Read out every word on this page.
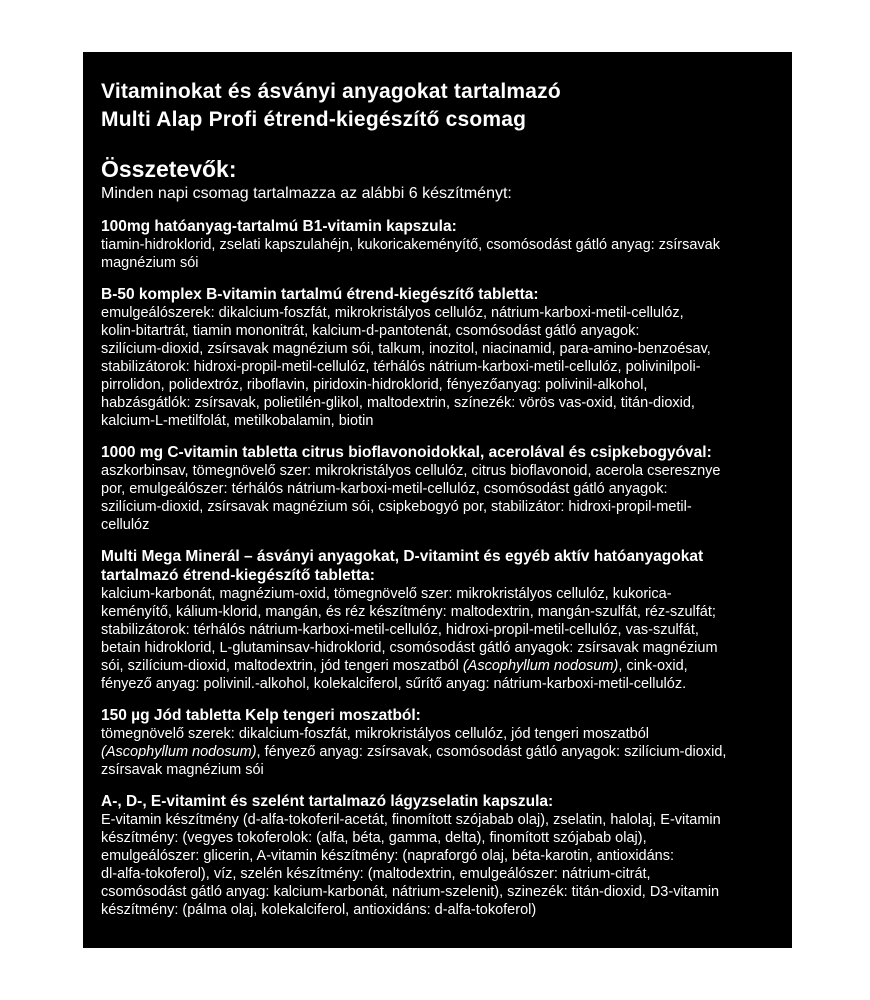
Vitaminokat és ásványi anyagokat tartalmazó
Multi Alap Profi étrend-kiegészítő csomag
Összetevők:
Minden napi csomag tartalmazza az alábbi 6 készítményt:
100mg hatóanyag-tartalmú B1-vitamin kapszula:
tiamin-hidroklorid, zselati kapszulahéjn, kukoricakeményítő, csomósodást gátló anyag: zsírsavak
magnézium sói
B-50 komplex B-vitamin tartalmú étrend-kiegészítő tabletta:
emulgeálószerek: dikalcium-foszfát, mikrokristályos cellulóz, nátrium-karboxi-metil-cellulóz,
kolin-bitartrát, tiamin mononitrát, kalcium-d-pantotenát, csomósodást gátló anyagok:
szilícium-dioxid, zsírsavak magnézium sói, talkum, inozitol, niacinamid, para-amino-benzoésav,
stabilizátorok: hidroxi-propil-metil-cellulóz, térhálós nátrium-karboxi-metil-cellulóz, polivinilpoli-
pirrolidon, polidextróz, riboflavin, piridoxin-hidroklorid, fényezőanyag: polivinil-alkohol,
habzásgátlók: zsírsavak, polietilén-glikol, maltodextrin, színezék: vörös vas-oxid, titán-dioxid,
kalcium-L-metilfolát, metilkobalamin, biotin
1000 mg C-vitamin tabletta citrus bioflavonoidokkal, acerolával és csipkebogyóval:
aszkorbinsav, tömegnövelő szer: mikrokristályos cellulóz, citrus bioflavonoid, acerola cseresznye
por, emulgeálószer: térhálós nátrium-karboxi-metil-cellulóz, csomósodást gátló anyagok:
szilícium-dioxid, zsírsavak magnézium sói, csipkebogyó por, stabilizátor: hidroxi-propil-metil-
cellulóz
Multi Mega Minerál – ásványi anyagokat, D-vitamint és egyéb aktív hatóanyagokat
tartalmazó étrend-kiegészítő tabletta:
kalcium-karbonát, magnézium-oxid, tömegnövelő szer: mikrokristályos cellulóz, kukorica-
keményítő, kálium-klorid, mangán, és réz készítmény: maltodextrin, mangán-szulfát, réz-szulfát;
stabilizátorok: térhálós nátrium-karboxi-metil-cellulóz, hidroxi-propil-metil-cellulóz, vas-szulfát,
betain hidroklorid, L-glutaminsav-hidroklorid, csomósodást gátló anyagok: zsírsavak magnézium
sói, szilícium-dioxid, maltodextrin, jód tengeri moszatból (Ascophyllum nodosum), cink-oxid,
fényező anyag: polivinil.-alkohol, kolekalciferol, sűrítő anyag: nátrium-karboxi-metil-cellulóz.
150 µg Jód tabletta Kelp tengeri moszatból:
tömegnövelő szerek: dikalcium-foszfát, mikrokristályos cellulóz, jód tengeri moszatból
(Ascophyllum nodosum), fényező anyag: zsírsavak, csomósodást gátló anyagok: szilícium-dioxid,
zsírsavak magnézium sói
A-, D-, E-vitamint és szelént tartalmazó lágyzselatin kapszula:
E-vitamin készítmény (d-alfa-tokoferil-acetát, finomított szójabab olaj), zselatin, halolaj, E-vitamin
készítmény: (vegyes tokoferolok: (alfa, béta, gamma, delta), finomított szójabab olaj),
emulgeálószer: glicerin, A-vitamin készítmény: (napraforgó olaj, béta-karotin, antioxidáns:
dl-alfa-tokoferol), víz, szelén készítmény: (maltodextrin, emulgeálószer: nátrium-citrát,
csomósodást gátló anyag: kalcium-karbonát, nátrium-szelenit), szinezék: titán-dioxid, D3-vitamin
készítmény: (pálma olaj, kolekalciferol, antioxidáns: d-alfa-tokoferol)
